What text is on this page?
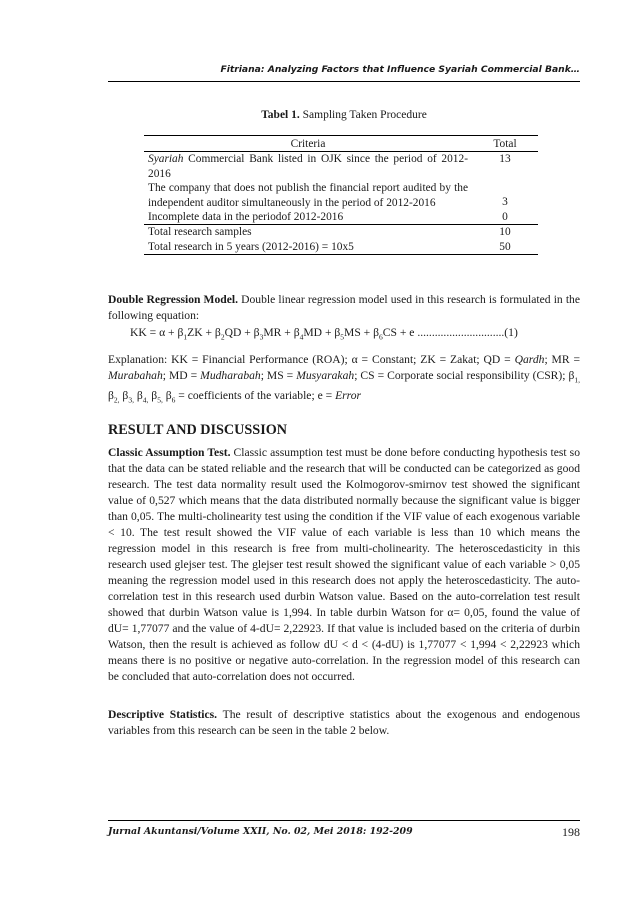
Fitriana: Analyzing Factors that Influence Syariah Commercial Bank…
Tabel 1. Sampling Taken Procedure
Criteria	Total
Syariah Commercial Bank listed in OJK since the period of 2012-2016	13
The company that does not publish the financial report audited by the independent auditor simultaneously in the period of 2012-2016	3
Incomplete data in the periodof 2012-2016	0
Total research samples	10
Total research in 5 years (2012-2016) = 10x5	50
Double Regression Model. Double linear regression model used in this research is formulated in the following equation:
KK = $\alpha + \beta_1ZK + \beta_2QD + \beta_3MR + \beta_4MD + \beta_5MS + \beta_6CS + e$ ..............................(1)
Explanation: KK = Financial Performance (ROA); α = Constant; ZK = Zakat; QD = Qardh; MR = Murabahah; MD = Mudharabah; MS = Musyarakah; CS = Corporate social responsibility (CSR); $\beta_{1,}$ $\beta_{2,}$ $\beta_{3,}$ $\beta_{4,}$ $\beta_{5,}$ $\beta_6$ = coefficients of the variable; e = Error
RESULT AND DISCUSSION
Classic Assumption Test. Classic assumption test must be done before conducting hypothesis test so that the data can be stated reliable and the research that will be conducted can be categorized as good research. The test data normality result used the Kolmogorov-smirnov test showed the significant value of 0,527 which means that the data distributed normally because the significant value is bigger than 0,05. The multi-cholinearity test using the condition if the VIF value of each exogenous variable < 10. The test result showed the VIF value of each variable is less than 10 which means the regression model in this research is free from multi-cholinearity. The heteroscedasticity in this research used glejser test. The glejser test result showed the significant value of each variable > 0,05 meaning the regression model used in this research does not apply the heteroscedasticity. The auto-correlation test in this research used durbin Watson value. Based on the auto-correlation test result showed that durbin Watson value is 1,994. In table durbin Watson for α= 0,05, found the value of dU= 1,77077 and the value of 4-dU= 2,22923. If that value is included based on the criteria of durbin Watson, then the result is achieved as follow dU < d < (4-dU) is 1,77077 < 1,994 < 2,22923 which means there is no positive or negative auto-correlation. In the regression model of this research can be concluded that auto-correlation does not occurred.
Descriptive Statistics. The result of descriptive statistics about the exogenous and endogenous variables from this research can be seen in the table 2 below.
Jurnal Akuntansi/Volume XXII, No. 02, Mei 2018: 192-209	198
